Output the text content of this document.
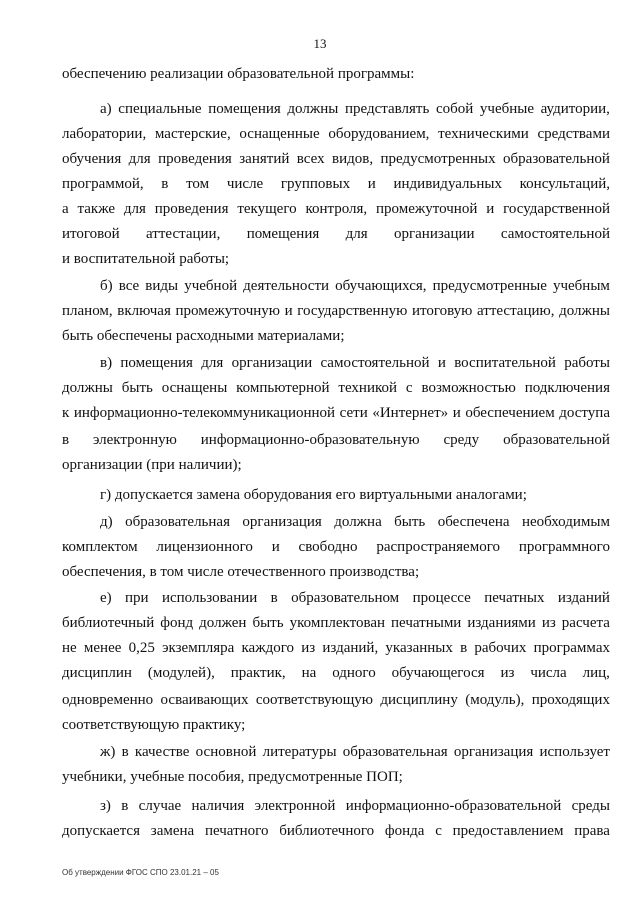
13
обеспечению реализации образовательной программы:
а) специальные помещения должны представлять собой учебные аудитории,
лаборатории, мастерские, оснащенные оборудованием, техническими средствами
обучения для проведения занятий всех видов, предусмотренных образовательной
программой, в том числе групповых и индивидуальных консультаций,
а также для проведения текущего контроля, промежуточной и государственной
итоговой аттестации, помещения для организации самостоятельной
и воспитательной работы;
б) все виды учебной деятельности обучающихся, предусмотренные учебным
планом, включая промежуточную и государственную итоговую аттестацию, должны
быть обеспечены расходными материалами;
в) помещения для организации самостоятельной и воспитательной работы
должны быть оснащены компьютерной техникой с возможностью подключения
к информационно-телекоммуникационной сети «Интернет» и обеспечением доступа
в электронную информационно-образовательную среду образовательной
организации (при наличии);
г) допускается замена оборудования его виртуальными аналогами;
д) образовательная организация должна быть обеспечена необходимым
комплектом лицензионного и свободно распространяемого программного
обеспечения, в том числе отечественного производства;
е) при использовании в образовательном процессе печатных изданий
библиотечный фонд должен быть укомплектован печатными изданиями из расчета
не менее 0,25 экземпляра каждого из изданий, указанных в рабочих программах
дисциплин (модулей), практик, на одного обучающегося из числа лиц,
одновременно осваивающих соответствующую дисциплину (модуль), проходящих
соответствующую практику;
ж) в качестве основной литературы образовательная организация использует
учебники, учебные пособия, предусмотренные ПОП;
з) в случае наличия электронной информационно-образовательной среды
допускается замена печатного библиотечного фонда с предоставлением права
Об утверждении ФГОС СПО 23.01.21 – 05
